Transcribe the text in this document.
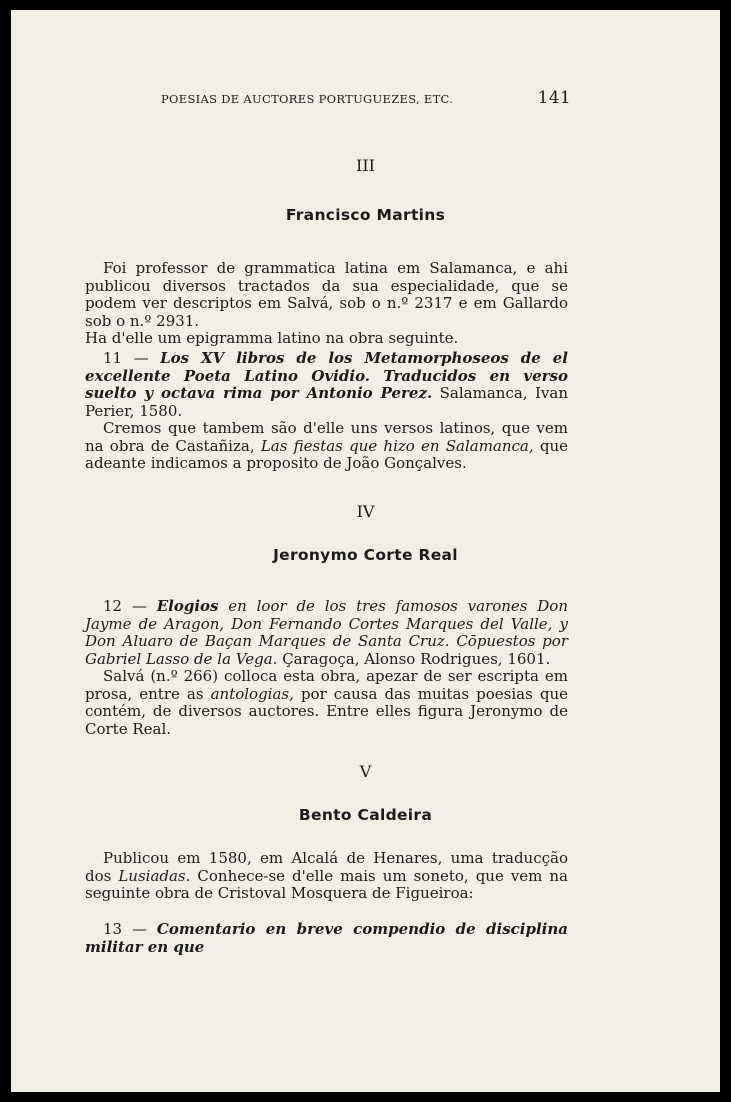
POESIAS DE AUCTORES PORTUGUEZES, ETC.	141
III
Francisco Martins

Foi professor de grammatica latina em Salamanca, e ahi publicou diversos tractados da sua especialidade, que se podem ver descriptos em Salvá, sob o n.º 2317 e em Gallardo sob o n.º 2931.
Ha d'elle um epigramma latino na obra seguinte.

11 — Los XV libros de los Metamorphoseos de el excellente Poeta Latino Ovidio. Traducidos en verso suelto y octava rima por Antonio Perez. Salamanca, Ivan Perier, 1580.

Cremos que tambem são d'elle uns versos latinos, que vem na obra de Castañiza, Las fiestas que hizo en Salamanca, que adeante indicamos a proposito de João Gonçalves.

IV
Jeronymo Corte Real

12 — Elogios en loor de los tres famosos varones Don Jayme de Aragon, Don Fernando Cortes Marques del Valle, y Don Aluaro de Baçan Marques de Santa Cruz. Cōpuestos por Gabriel Lasso de la Vega. Çaragoça, Alonso Rodrigues, 1601.

Salvá (n.º 266) colloca esta obra, apezar de ser escripta em prosa, entre as antologias, por causa das muitas poesias que contém, de diversos auctores. Entre elles figura Jeronymo de Corte Real.

V
Bento Caldeira

Publicou em 1580, em Alcalá de Henares, uma traducção dos Lusiadas. Conhece-se d'elle mais um soneto, que vem na seguinte obra de Cristoval Mosquera de Figueiroa:

13 — Comentario en breve compendio de disciplina militar en que
